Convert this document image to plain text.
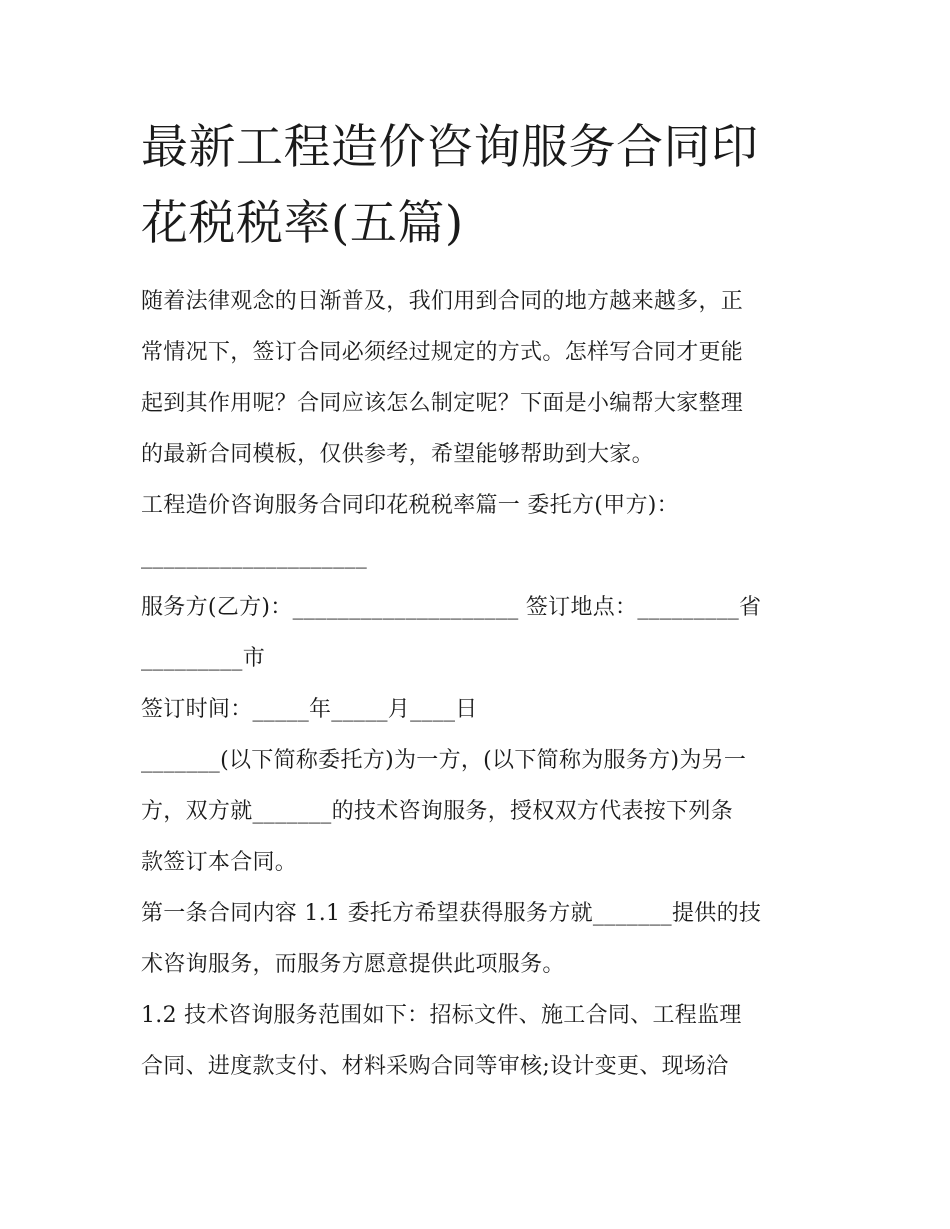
最新工程造价咨询服务合同印
花税税率(五篇)

随着法律观念的日渐普及，我们用到合同的地方越来越多，正

常情况下，签订合同必须经过规定的方式。怎样写合同才更能

起到其作用呢？合同应该怎么制定呢？下面是小编帮大家整理

的最新合同模板，仅供参考，希望能够帮助到大家。

工程造价咨询服务合同印花税税率篇一 委托方(甲方)：

____________________

服务方(乙方)：____________________ 签订地点：_________省

_________市

签订时间：_____年_____月____日

_______(以下简称委托方)为一方，(以下简称为服务方)为另一

方，双方就_______的技术咨询服务，授权双方代表按下列条

款签订本合同。

第一条合同内容 1.1 委托方希望获得服务方就_______提供的技

术咨询服务，而服务方愿意提供此项服务。

1.2 技术咨询服务范围如下：招标文件、施工合同、工程监理

合同、进度款支付、材料采购合同等审核;设计变更、现场洽
